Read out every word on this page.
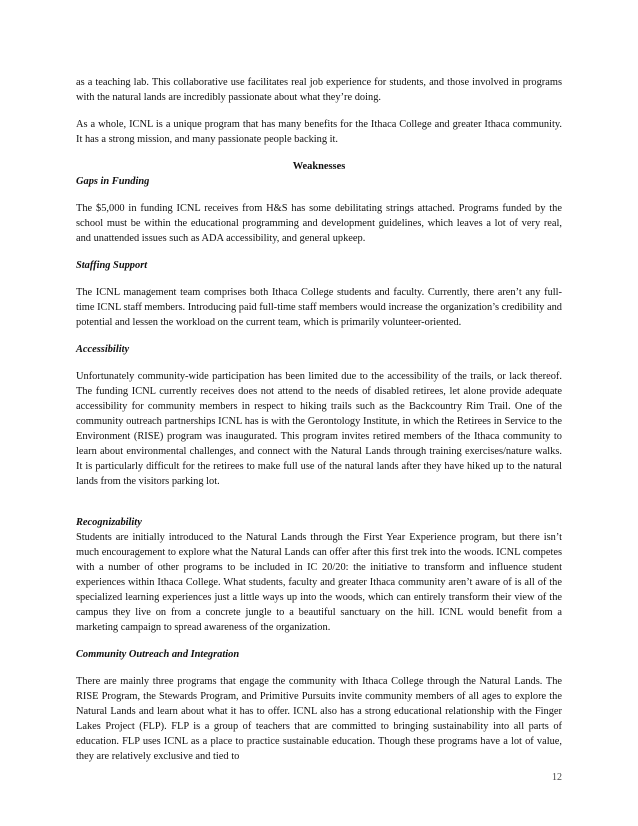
as a teaching lab. This collaborative use facilitates real job experience for students, and those involved in programs with the natural lands are incredibly passionate about what they’re doing.

As a whole, ICNL is a unique program that has many benefits for the Ithaca College and greater Ithaca community. It has a strong mission, and many passionate people backing it.

Weaknesses

Gaps in Funding

The $5,000 in funding ICNL receives from H&S has some debilitating strings attached. Programs funded by the school must be within the educational programming and development guidelines, which leaves a lot of very real, and unattended issues such as ADA accessibility, and general upkeep.

Staffing Support

The ICNL management team comprises both Ithaca College students and faculty. Currently, there aren’t any full-time ICNL staff members. Introducing paid full-time staff members would increase the organization’s credibility and potential and lessen the workload on the current team, which is primarily volunteer-oriented.

Accessibility

Unfortunately community-wide participation has been limited due to the accessibility of the trails, or lack thereof. The funding ICNL currently receives does not attend to the needs of disabled retirees, let alone provide adequate accessibility for community members in respect to hiking trails such as the Backcountry Rim Trail. One of the community outreach partnerships ICNL has is with the Gerontology Institute, in which the Retirees in Service to the Environment (RISE) program was inaugurated. This program invites retired members of the Ithaca community to learn about environmental challenges, and connect with the Natural Lands through training exercises/nature walks. It is particularly difficult for the retirees to make full use of the natural lands after they have hiked up to the natural lands from the visitors parking lot.

Recognizability

Students are initially introduced to the Natural Lands through the First Year Experience program, but there isn’t much encouragement to explore what the Natural Lands can offer after this first trek into the woods. ICNL competes with a number of other programs to be included in IC 20/20: the initiative to transform and influence student experiences within Ithaca College. What students, faculty and greater Ithaca community aren’t aware of is all of the specialized learning experiences just a little ways up into the woods, which can entirely transform their view of the campus they live on from a concrete jungle to a beautiful sanctuary on the hill. ICNL would benefit from a marketing campaign to spread awareness of the organization.

Community Outreach and Integration

There are mainly three programs that engage the community with Ithaca College through the Natural Lands. The RISE Program, the Stewards Program, and Primitive Pursuits invite community members of all ages to explore the Natural Lands and learn about what it has to offer. ICNL also has a strong educational relationship with the Finger Lakes Project (FLP). FLP is a group of teachers that are committed to bringing sustainability into all parts of education. FLP uses ICNL as a place to practice sustainable education. Though these programs have a lot of value, they are relatively exclusive and tied to

12
